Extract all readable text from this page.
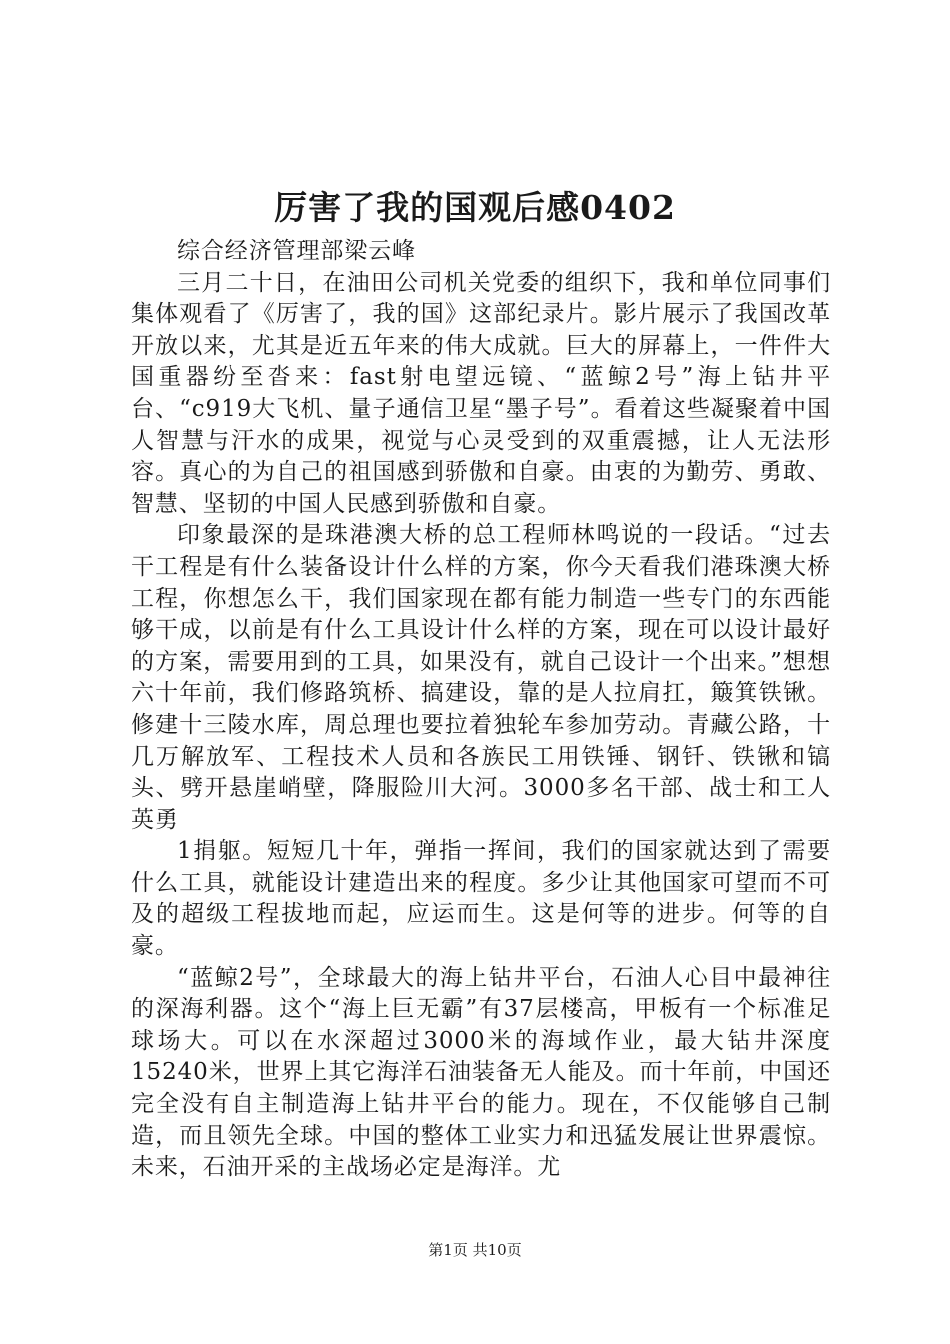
厉害了我的国观后感0402

综合经济管理部梁云峰

三月二十日，在油田公司机关党委的组织下，我和单位同事们集体观看了《厉害了，我的国》这部纪录片。影片展示了我国改革开放以来，尤其是近五年来的伟大成就。巨大的屏幕上，一件件大国重器纷至沓来：fast射电望远镜、“蓝鲸2号”海上钻井平台、“c919大飞机、量子通信卫星“墨子号”。看着这些凝聚着中国人智慧与汗水的成果，视觉与心灵受到的双重震撼，让人无法形容。真心的为自己的祖国感到骄傲和自豪。由衷的为勤劳、勇敢、智慧、坚韧的中国人民感到骄傲和自豪。

印象最深的是珠港澳大桥的总工程师林鸣说的一段话。“过去干工程是有什么装备设计什么样的方案，你今天看我们港珠澳大桥工程，你想怎么干，我们国家现在都有能力制造一些专门的东西能够干成，以前是有什么工具设计什么样的方案，现在可以设计最好的方案，需要用到的工具，如果没有，就自己设计一个出来。”想想六十年前，我们修路筑桥、搞建设，靠的是人拉肩扛，簸箕铁锹。修建十三陵水库，周总理也要拉着独轮车参加劳动。青藏公路，十几万解放军、工程技术人员和各族民工用铁锤、钢钎、铁锹和镐头、劈开悬崖峭壁，降服险川大河。3000多名干部、战士和工人英勇

1捐躯。短短几十年，弹指一挥间，我们的国家就达到了需要什么工具，就能设计建造出来的程度。多少让其他国家可望而不可及的超级工程拔地而起，应运而生。这是何等的进步。何等的自豪。

“蓝鲸2号”，全球最大的海上钻井平台，石油人心目中最神往的深海利器。这个“海上巨无霸”有37层楼高，甲板有一个标准足球场大。可以在水深超过3000米的海域作业，最大钻井深度15240米，世界上其它海洋石油装备无人能及。而十年前，中国还完全没有自主制造海上钻井平台的能力。现在，不仅能够自己制造，而且领先全球。中国的整体工业实力和迅猛发展让世界震惊。未来，石油开采的主战场必定是海洋。尤

第1页 共10页
